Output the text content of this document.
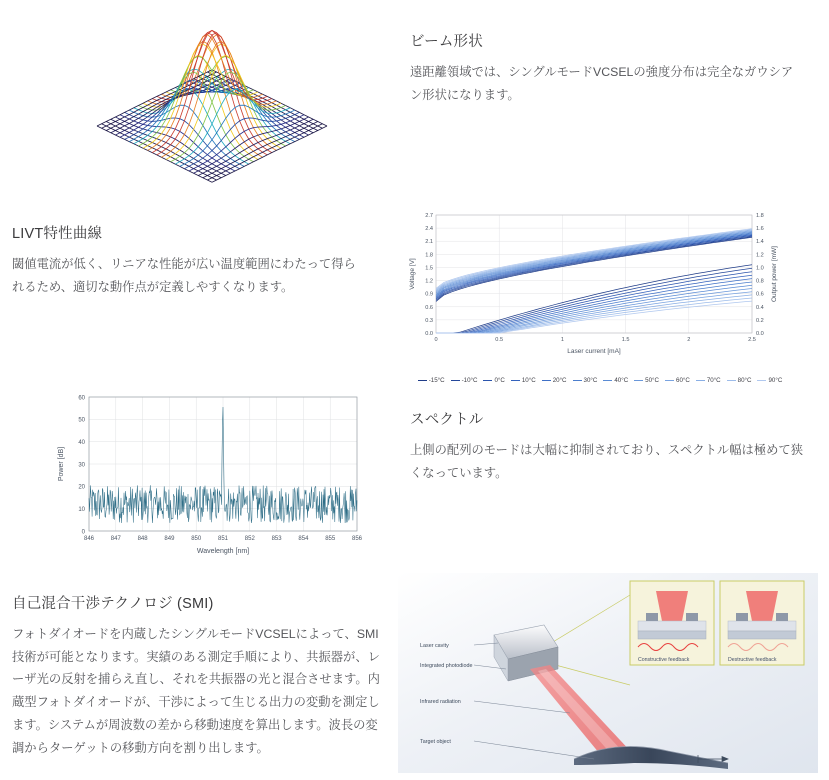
ビーム形状

遠距離領域では、シングルモードVCSELの強度分布は完全なガウシアン形状になります。

LIVT特性曲線

閾値電流が低く、リニアな性能が広い温度範囲にわたって得られるため、適切な動作点が定義しやすくなります。

0.0
0.3
0.6
0.9
1.2
1.5
1.8
2.1
2.4
2.7
0.0
0.2
0.4
0.6
0.8
1.0
1.2
1.4
1.6
1.8
0	0.5	1	1.5	2	2.5
Laser current [mA]
Voltage [V]	Output power [mW]
-15°C	-10°C	0°C	10°C	20°C	30°C	40°C	50°C	60°C	70°C	80°C	90°C
0
10
20
30
40
50
60
846	847	848	849	850	851	852	853	854	855	856
Wavelength [nm]
Power [dB]
スペクトル

上側の配列のモードは大幅に抑制されており、スペクトル幅は極めて狭くなっています。

自己混合干渉テクノロジ (SMI)

フォトダイオードを内蔵したシングルモードVCSELによって、SMI技術が可能となります。実績のある測定手順により、共振器が、レーザ光の反射を捕らえ直し、それを共振器の光と混合させます。内蔵型フォトダイオードが、干渉によって生じる出力の変動を測定します。システムが周波数の差から移動速度を算出します。波長の変調からターゲットの移動方向を割り出します。

Laser cavity
Integrated photodiode
Infrared radiation
Target object
Constructive feedback	Destructive feedback
